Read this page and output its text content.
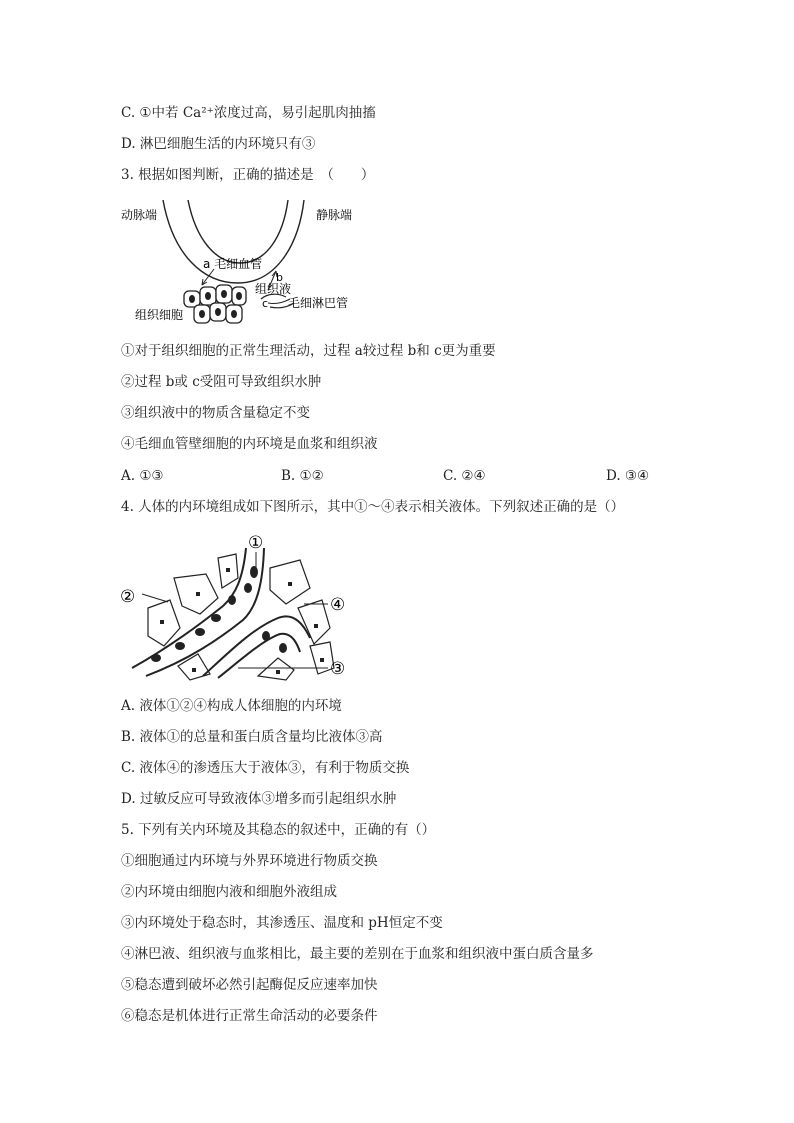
C. ①中若 Ca²⁺浓度过高，易引起肌肉抽搐
D. 淋巴细胞生活的内环境只有③
3. 根据如图判断，正确的描述是　（　　）
动脉端	静脉端
a 毛细血管
b
组织液
c 毛细淋巴管
组织细胞
①对于组织细胞的正常生理活动，过程 a较过程 b和 c更为重要
②过程 b或 c受阻可导致组织水肿
③组织液中的物质含量稳定不变
④毛细血管壁细胞的内环境是血浆和组织液
A. ①③	B. ①②	C. ②④	D. ③④
4. 人体的内环境组成如下图所示，其中①～④表示相关液体。下列叙述正确的是（）
①
②	④
③
A. 液体①②④构成人体细胞的内环境
B. 液体①的总量和蛋白质含量均比液体③高
C. 液体④的渗透压大于液体③，有利于物质交换
D. 过敏反应可导致液体③增多而引起组织水肿
5. 下列有关内环境及其稳态的叙述中，正确的有（）
①细胞通过内环境与外界环境进行物质交换
②内环境由细胞内液和细胞外液组成
③内环境处于稳态时，其渗透压、温度和 pH恒定不变
④淋巴液、组织液与血浆相比，最主要的差别在于血浆和组织液中蛋白质含量多
⑤稳态遭到破坏必然引起酶促反应速率加快
⑥稳态是机体进行正常生命活动的必要条件
